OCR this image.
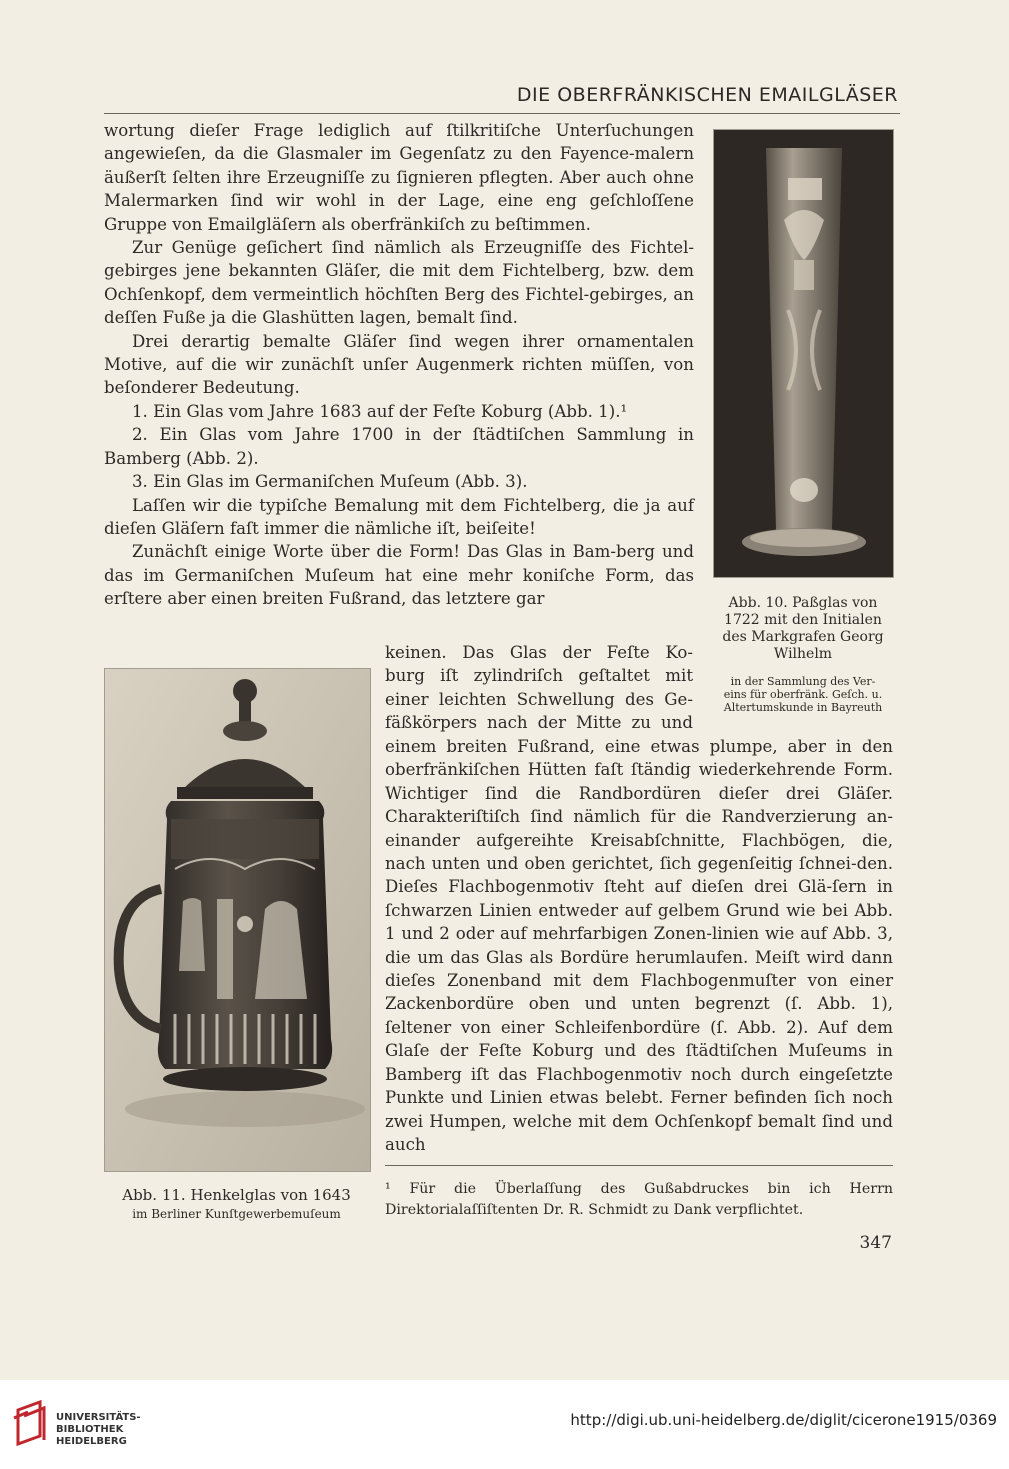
DIE OBERFRÄNKISCHEN EMAILGLÄSER

wortung dieſer Frage lediglich auf ſtilkritiſche Unterſuchungen angewieſen, da die Glasmaler im Gegenſatz zu den Fayence-malern äußerſt ſelten ihre Erzeugniſſe zu ſignieren pflegten. Aber auch ohne Malermarken ſind wir wohl in der Lage, eine eng geſchloſſene Gruppe von Emailgläſern als oberfränkiſch zu beſtimmen.

Zur Genüge geſichert ſind nämlich als Erzeugniſſe des Fichtel-gebirges jene bekannten Gläſer, die mit dem Fichtelberg, bzw. dem Ochſenkopf, dem vermeintlich höchſten Berg des Fichtel-gebirges, an deſſen Fuße ja die Glashütten lagen, bemalt ſind.

Drei derartig bemalte Gläſer ſind wegen ihrer ornamentalen Motive, auf die wir zunächſt unſer Augenmerk richten müſſen, von beſonderer Bedeutung.

1. Ein Glas vom Jahre 1683 auf der Feſte Koburg (Abb. 1).¹

2. Ein Glas vom Jahre 1700 in der ſtädtiſchen Sammlung in Bamberg (Abb. 2).

3. Ein Glas im Germaniſchen Muſeum (Abb. 3).

Laſſen wir die typiſche Bemalung mit dem Fichtelberg, die ja auf dieſen Gläſern faſt immer die nämliche iſt, beiſeite!

Zunächſt einige Worte über die Form! Das Glas in Bam-berg und das im Germaniſchen Muſeum hat eine mehr koniſche Form, das erſtere aber einen breiten Fußrand, das letztere gar	Abb. 10. Paßglas von
1722 mit den Initialen
des Markgrafen Georg
Wilhelm
in der Sammlung des Ver-
eins für oberfränk. Geſch. u.
Altertumskunde in Bayreuth
keinen. Das Glas der Feſte Ko-
burg iſt zylindriſch geſtaltet mit
einer leichten Schwellung des Ge-
fäßkörpers nach der Mitte zu und

einem breiten Fußrand, eine etwas plumpe, aber in den oberfränkiſchen Hütten faſt ſtändig wiederkehrende Form. Wichtiger ſind die Randbordüren dieſer drei Gläſer. Charakteriſtiſch ſind nämlich für die Randverzierung an-einander aufgereihte Kreisabſchnitte, Flachbögen, die, nach unten und oben gerichtet, ſich gegenſeitig ſchnei-den. Dieſes Flachbogenmotiv ſteht auf dieſen drei Glä-ſern in ſchwarzen Linien entweder auf gelbem Grund wie bei Abb. 1 und 2 oder auf mehrfarbigen Zonen-linien wie auf Abb. 3, die um das Glas als Bordüre herumlaufen. Meiſt wird dann dieſes Zonenband mit dem Flachbogenmuſter von einer Zackenbordüre oben und unten begrenzt (ſ. Abb. 1), ſeltener von einer Schleifenbordüre (ſ. Abb. 2). Auf dem Glaſe der Feſte Koburg und des ſtädtiſchen Muſeums in Bamberg iſt das Flachbogenmotiv noch durch eingeſetzte Punkte und Linien etwas belebt. Ferner befinden ſich noch zwei Humpen, welche mit dem Ochſenkopf bemalt ſind und auch

Abb. 11. Henkelglas von 1643
im Berliner Kunſtgewerbemuſeum
¹ Für die Überlaſſung des Gußabdruckes bin ich Herrn Direktorialaſſiſtenten Dr. R. Schmidt zu Dank verpflichtet.
347
UNIVERSITÄTS-
BIBLIOTHEK
HEIDELBERG
http://digi.ub.uni-heidelberg.de/diglit/cicerone1915/0369
